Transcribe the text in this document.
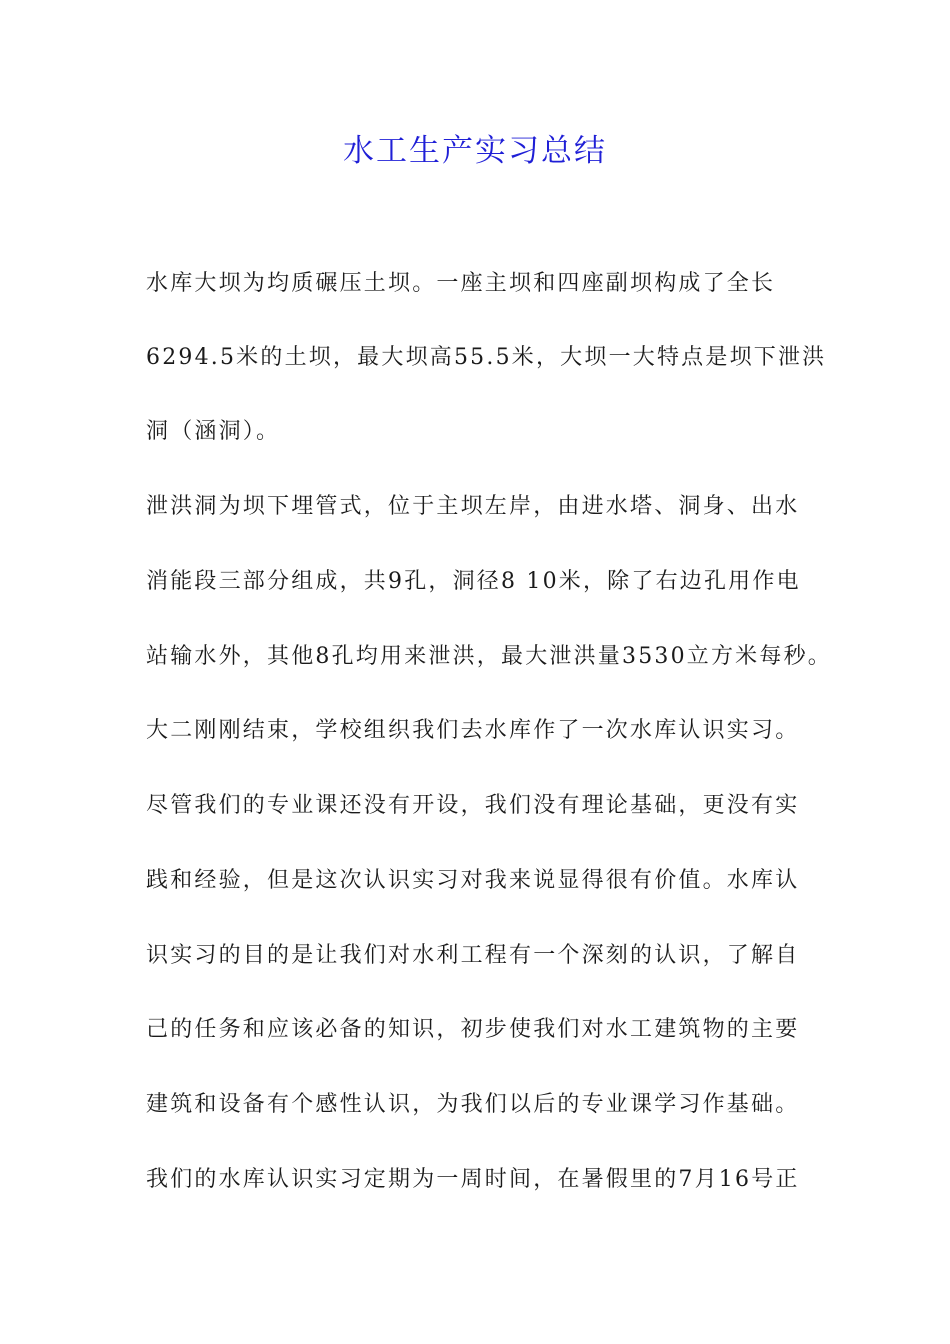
水工生产实习总结

水库大坝为均质碾压土坝。一座主坝和四座副坝构成了全长

6294.5米的土坝，最大坝高55.5米，大坝一大特点是坝下泄洪

洞（涵洞）。

泄洪洞为坝下埋管式，位于主坝左岸，由进水塔、洞身、出水

消能段三部分组成，共9孔，洞径8 10米，除了右边孔用作电

站输水外，其他8孔均用来泄洪，最大泄洪量3530立方米每秒。

大二刚刚结束，学校组织我们去水库作了一次水库认识实习。

尽管我们的专业课还没有开设，我们没有理论基础，更没有实

践和经验，但是这次认识实习对我来说显得很有价值。水库认

识实习的目的是让我们对水利工程有一个深刻的认识，了解自

己的任务和应该必备的知识，初步使我们对水工建筑物的主要

建筑和设备有个感性认识，为我们以后的专业课学习作基础。

我们的水库认识实习定期为一周时间，在暑假里的7月16号正
